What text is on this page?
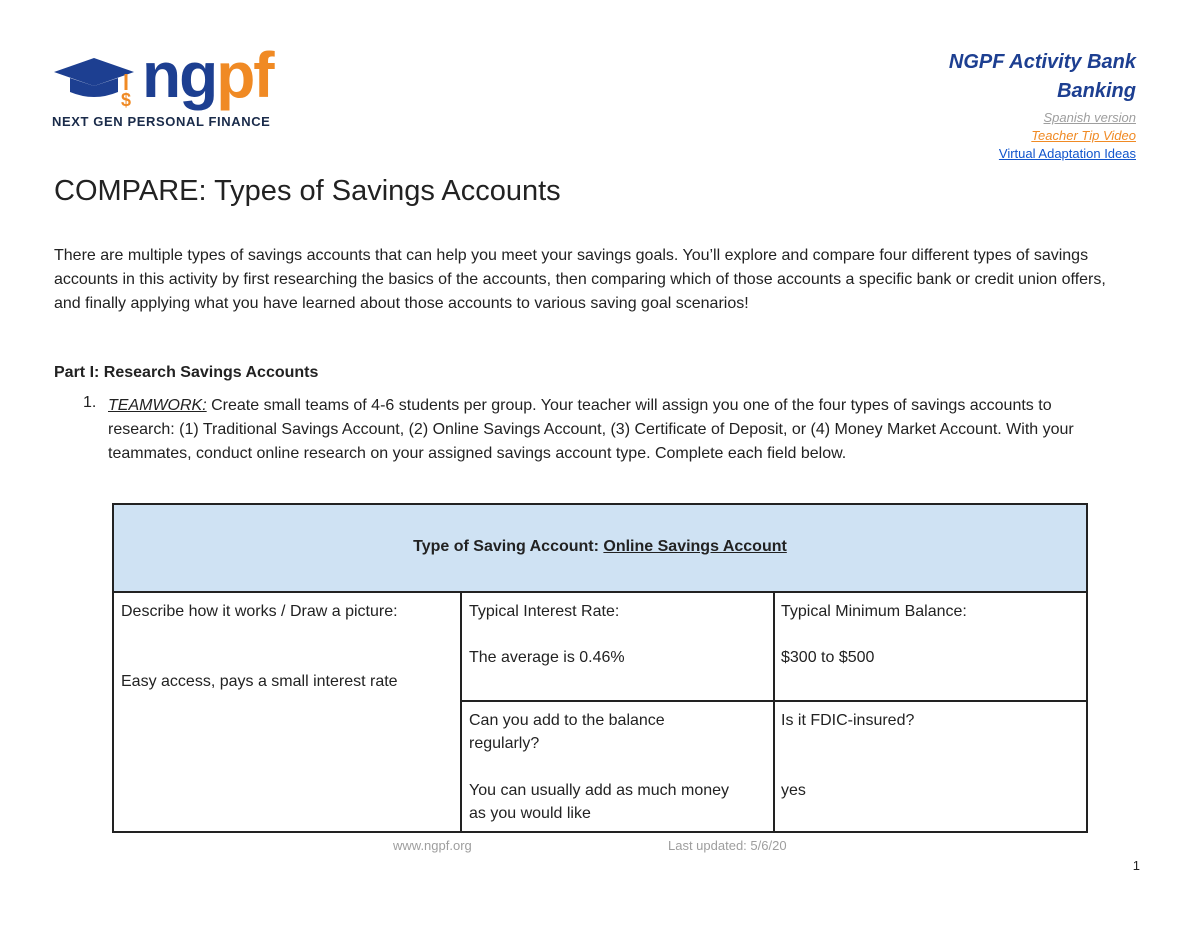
$ ngpf
NEXT GEN PERSONAL FINANCE
NGPF Activity Bank
Banking
Spanish version
Teacher Tip Video
Virtual Adaptation Ideas
COMPARE: Types of Savings Accounts
There are multiple types of savings accounts that can help you meet your savings goals. You’ll explore and compare four different types of savings accounts in this activity by first researching the basics of the accounts, then comparing which of those accounts a specific bank or credit union offers, and finally applying what you have learned about those accounts to various saving goal scenarios!
Part I: Research Savings Accounts
1. TEAMWORK: Create small teams of 4-6 students per group. Your teacher will assign you one of the four types of savings accounts to research: (1) Traditional Savings Account, (2) Online Savings Account, (3) Certificate of Deposit, or (4) Money Market Account. With your teammates, conduct online research on your assigned savings account type. Complete each field below.
Type of Saving Account: Online Savings Account
Describe how it works / Draw a picture:
Easy access, pays a small interest rate
Typical Interest Rate:
The average is 0.46%
Typical Minimum Balance:
$300 to $500
Can you add to the balance regularly?
You can usually add as much money as you would like
Is it FDIC-insured?
yes
www.ngpf.org	Last updated: 5/6/20
1
